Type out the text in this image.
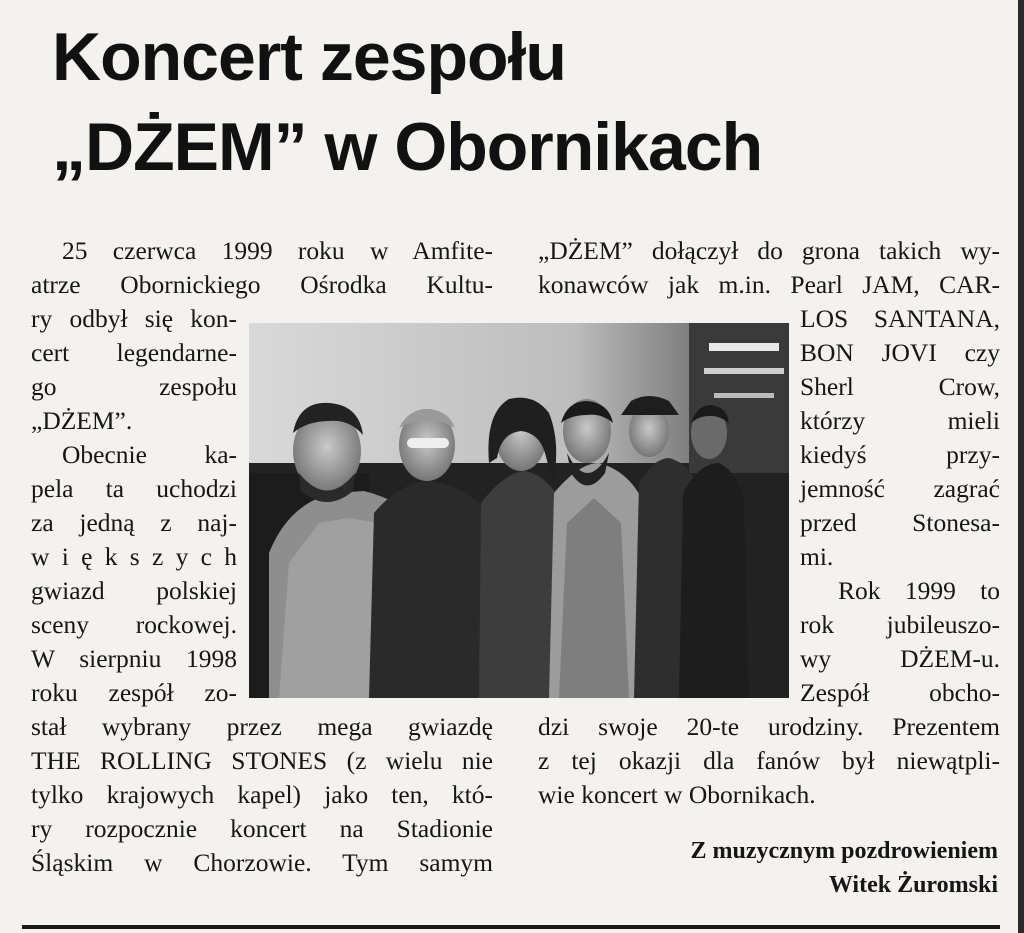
Koncert zespołu
„DŻEM” w Obornikach
25 czerwca 1999 roku w Amfite-
atrze Obornickiego Ośrodka Kultu-
ry odbył się kon-
cert legendarne-
go zespołu
„DŻEM”.
Obecnie ka-
pela ta uchodzi
za jedną z naj-
w i ę k s z y c h
gwiazd polskiej
sceny rockowej.
W sierpniu 1998
roku zespół zo-
stał wybrany przez mega gwiazdę
THE ROLLING STONES (z wielu nie
tylko krajowych kapel) jako ten, któ-
ry rozpocznie koncert na Stadionie
Śląskim w Chorzowie. Tym samym
„DŻEM” dołączył do grona takich wy-
konawców jak m.in. Pearl JAM, CAR-
LOS SANTANA,
BON JOVI czy
Sherl Crow,
którzy mieli
kiedyś przy-
jemność zagrać
przed Stonesa-
mi.
Rok 1999 to
rok jubileuszo-
wy DŻEM-u.
Zespół obcho-
dzi swoje 20-te urodziny. Prezentem
z tej okazji dla fanów był niewątpli-
wie koncert w Obornikach.
Z muzycznym pozdrowieniem
Witek Żuromski
